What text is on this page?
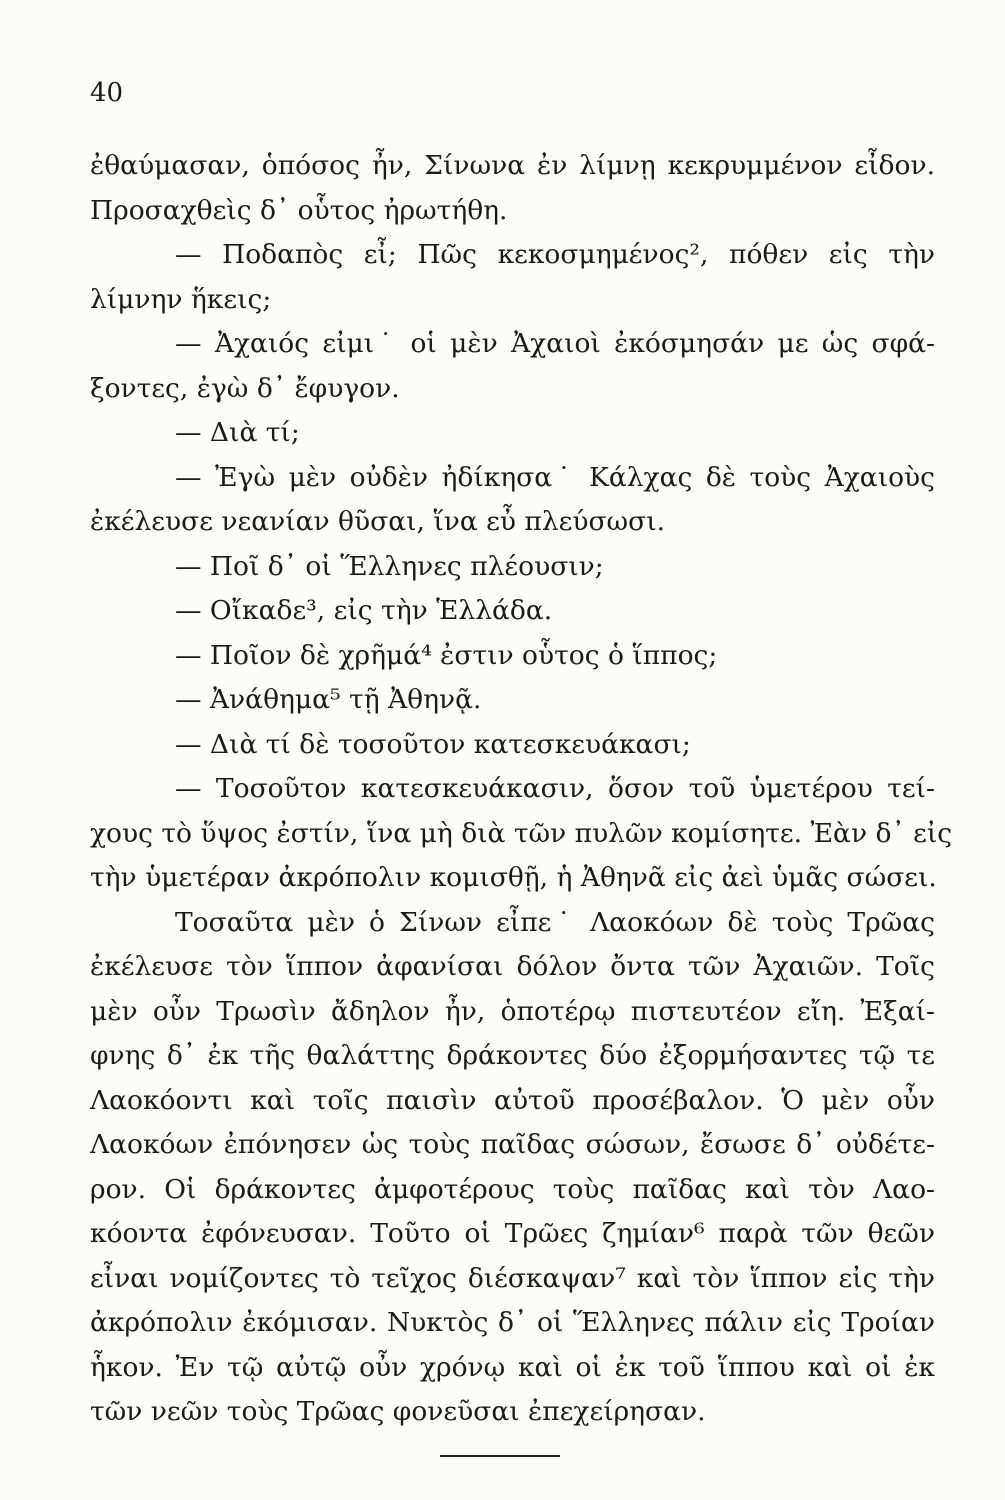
40
ἐθαύμασαν, ὁπόσος ἦν, Σίνωνα ἐν λίμνῃ κεκρυμμένον εἶδον.
Προσαχθεὶς δ᾽ οὗτος ἠρωτήθη.
— Ποδαπὸς εἶ; Πῶς κεκοσμημένος², πόθεν εἰς τὴν
λίμνην ἥκεις;
— Ἀχαιός εἰμι˙ οἱ μὲν Ἀχαιοὶ ἐκόσμησάν με ὡς σφά-
ξοντες, ἐγὼ δ᾽ ἔφυγον.
— Διὰ τί;
— Ἐγὼ μὲν οὐδὲν ἠδίκησα˙ Κάλχας δὲ τοὺς Ἀχαιοὺς
ἐκέλευσε νεανίαν θῦσαι, ἵνα εὖ πλεύσωσι.
— Ποῖ δ᾽ οἱ Ἕλληνες πλέουσιν;
— Οἴκαδε³, εἰς τὴν Ἑλλάδα.
— Ποῖον δὲ χρῆμά⁴ ἐστιν οὗτος ὁ ἵππος;
— Ἀνάθημα⁵ τῇ Ἀθηνᾷ.
— Διὰ τί δὲ τοσοῦτον κατεσκευάκασι;
— Τοσοῦτον κατεσκευάκασιν, ὅσον τοῦ ὑμετέρου τεί-
χους τὸ ὕψος ἐστίν, ἵνα μὴ διὰ τῶν πυλῶν κομίσητε. Ἐὰν δ᾽ εἰς
τὴν ὑμετέραν ἀκρόπολιν κομισθῇ, ἡ Ἀθηνᾶ εἰς ἀεὶ ὑμᾶς σώσει.
Τοσαῦτα μὲν ὁ Σίνων εἶπε˙ Λαοκόων δὲ τοὺς Τρῶας
ἐκέλευσε τὸν ἵππον ἀφανίσαι δόλον ὄντα τῶν Ἀχαιῶν. Τοῖς
μὲν οὖν Τρωσὶν ἄδηλον ἦν, ὁποτέρῳ πιστευτέον εἴη. Ἐξαί-
φνης δ᾽ ἐκ τῆς θαλάττης δράκοντες δύο ἐξορμήσαντες τῷ τε
Λαοκόοντι καὶ τοῖς παισὶν αὐτοῦ προσέβαλον. Ὁ μὲν οὖν
Λαοκόων ἐπόνησεν ὡς τοὺς παῖδας σώσων, ἔσωσε δ᾽ οὐδέτε-
ρον. Οἱ δράκοντες ἀμφοτέρους τοὺς παῖδας καὶ τὸν Λαο-
κόοντα ἐφόνευσαν. Τοῦτο οἱ Τρῶες ζημίαν⁶ παρὰ τῶν θεῶν
εἶναι νομίζοντες τὸ τεῖχος διέσκαψαν⁷ καὶ τὸν ἵππον εἰς τὴν
ἀκρόπολιν ἐκόμισαν. Νυκτὸς δ᾽ οἱ Ἕλληνες πάλιν εἰς Τροίαν
ἧκον. Ἐν τῷ αὐτῷ οὖν χρόνῳ καὶ οἱ ἐκ τοῦ ἵππου καὶ οἱ ἐκ
τῶν νεῶν τοὺς Τρῶας φονεῦσαι ἐπεχείρησαν.
